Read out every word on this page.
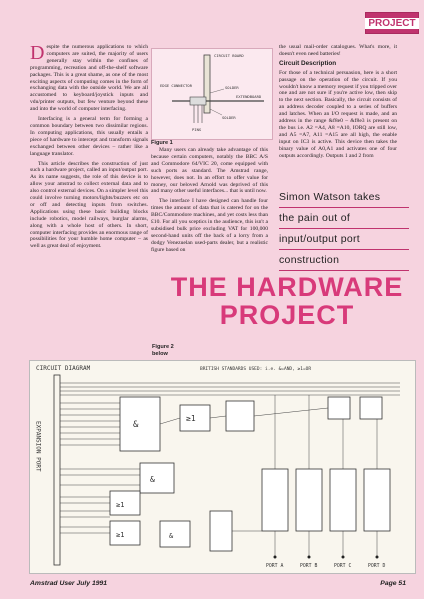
PROJECT

Despite the numerous applications to which computers are suited, the majority of users generally stay within the confines of programming, recreation and off-the-shelf software packages. This is a great shame, as one of the most exciting aspects of computing comes in the form of exchanging data with the outside world. We are all accustomed to keyboard/joystick inputs and vdu/printer outputs, but few venture beyond these and into the world of computer interfacing.

Interfacing is a general term for forming a common boundary between two dissimilar regions. In computing applications, this usually entails a piece of hardware to intercept and transform signals exchanged between other devices – rather like a language translator.

This article describes the construction of just such a hardware project, called an input/output port. As its name suggests, the role of this device is to allow your amstrad to collect external data and to also control external devices. On a simpler level this could involve turning motors/lights/buzzers etc on or off and detecting inputs from switches. Applications using these basic building blocks include robotics, model railways, burglar alarms, along with a whole host of others. In short, computer interfacing provides an enormous range of possibilities for your humble home computer – as well as great deal of enjoyment.

CIRCUIT BOARD
EDGE CONNECTOR	SOLDER
EXTENDBOARD
SOLDER
PINS
Figure 1

Many users can already take advantage of this because certain computers, notably the BBC A/S and Commodore 64/VIC 20, come equipped with such ports as standard. The Amstrad range, however, does not. In an effort to offer value for money, our beloved Arnold was deprived of this and many other useful interfaces... that is until now.

The interface I have designed can handle four times the amount of data that is catered for on the BBC/Commodore machines, and yet costs less than £10. For all you sceptics in the audience, this isn't a subsidised bulk price excluding VAT for 100,000 second-hand units off the back of a lorry from a dodgy Venezuelan used-parts dealer, but a realistic figure based on

the usual mail-order catalogues. What's more, it doesn't even need batteries!

Circuit Description

For those of a technical persuasion, here is a short passage on the operation of the circuit. If you wouldn't know a memory request if you tripped over one and are not sure if you're active low, then skip to the next section. Basically, the circuit consists of an address decoder coupled to a series of buffers and latches. When an I/O request is made, and an address in the range &f8e0 – &f8e3 is present on the bus i.e. A2 =A4, A8 =A10, IORQ are still low, and A5 =A7, A11 =A15 are all high, the enable input on IC3 is active. This device then takes the binary value of A0,A1 and activates one of four outputs accordingly. Outputs 1 and 2 from

Simon Watson takes
the pain out of
input/output port
construction
THE HARDWARE
PROJECT
Figure 2
below
CIRCUIT DIAGRAM	BRITISH STANDARDS USED: i.e. &=AND, ≥1=OR
EXPANSION PORT	&
≥1
&
≥1
≥1	&
PORT A	PORT B	PORT C	PORT D
Amstrad User July 1991	Page 51
